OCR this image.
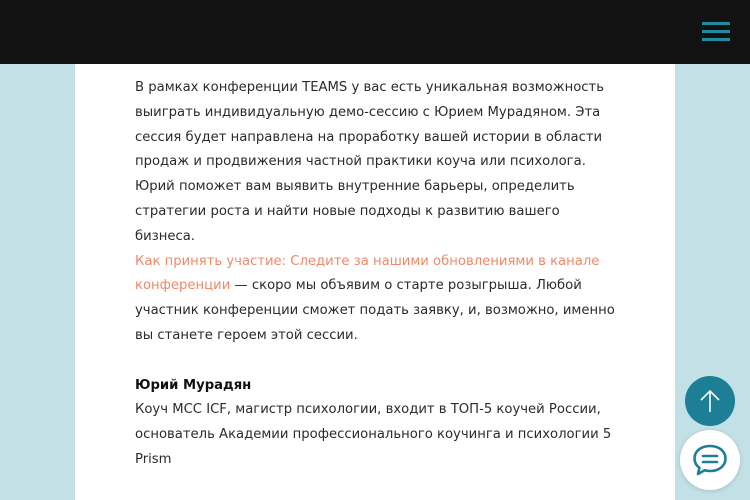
В рамках конференции TEAMS у вас есть уникальная возможность выиграть индивидуальную демо-сессию с Юрием Мурадяном. Эта сессия будет направлена на проработку вашей истории в области продаж и продвижения частной практики коуча или психолога. Юрий поможет вам выявить внутренние барьеры, определить стратегии роста и найти новые подходы к развитию вашего бизнеса.

Как принять участие: Следите за нашими обновлениями в канале конференции — скоро мы объявим о старте розыгрыша. Любой участник конференции сможет подать заявку, и, возможно, именно вы станете героем этой сессии.

Юрий Мурадян
Коуч MCC ICF, магистр психологии, входит в ТОП-5 коучей России, основатель Академии профессионального коучинга и психологии 5 Prism
